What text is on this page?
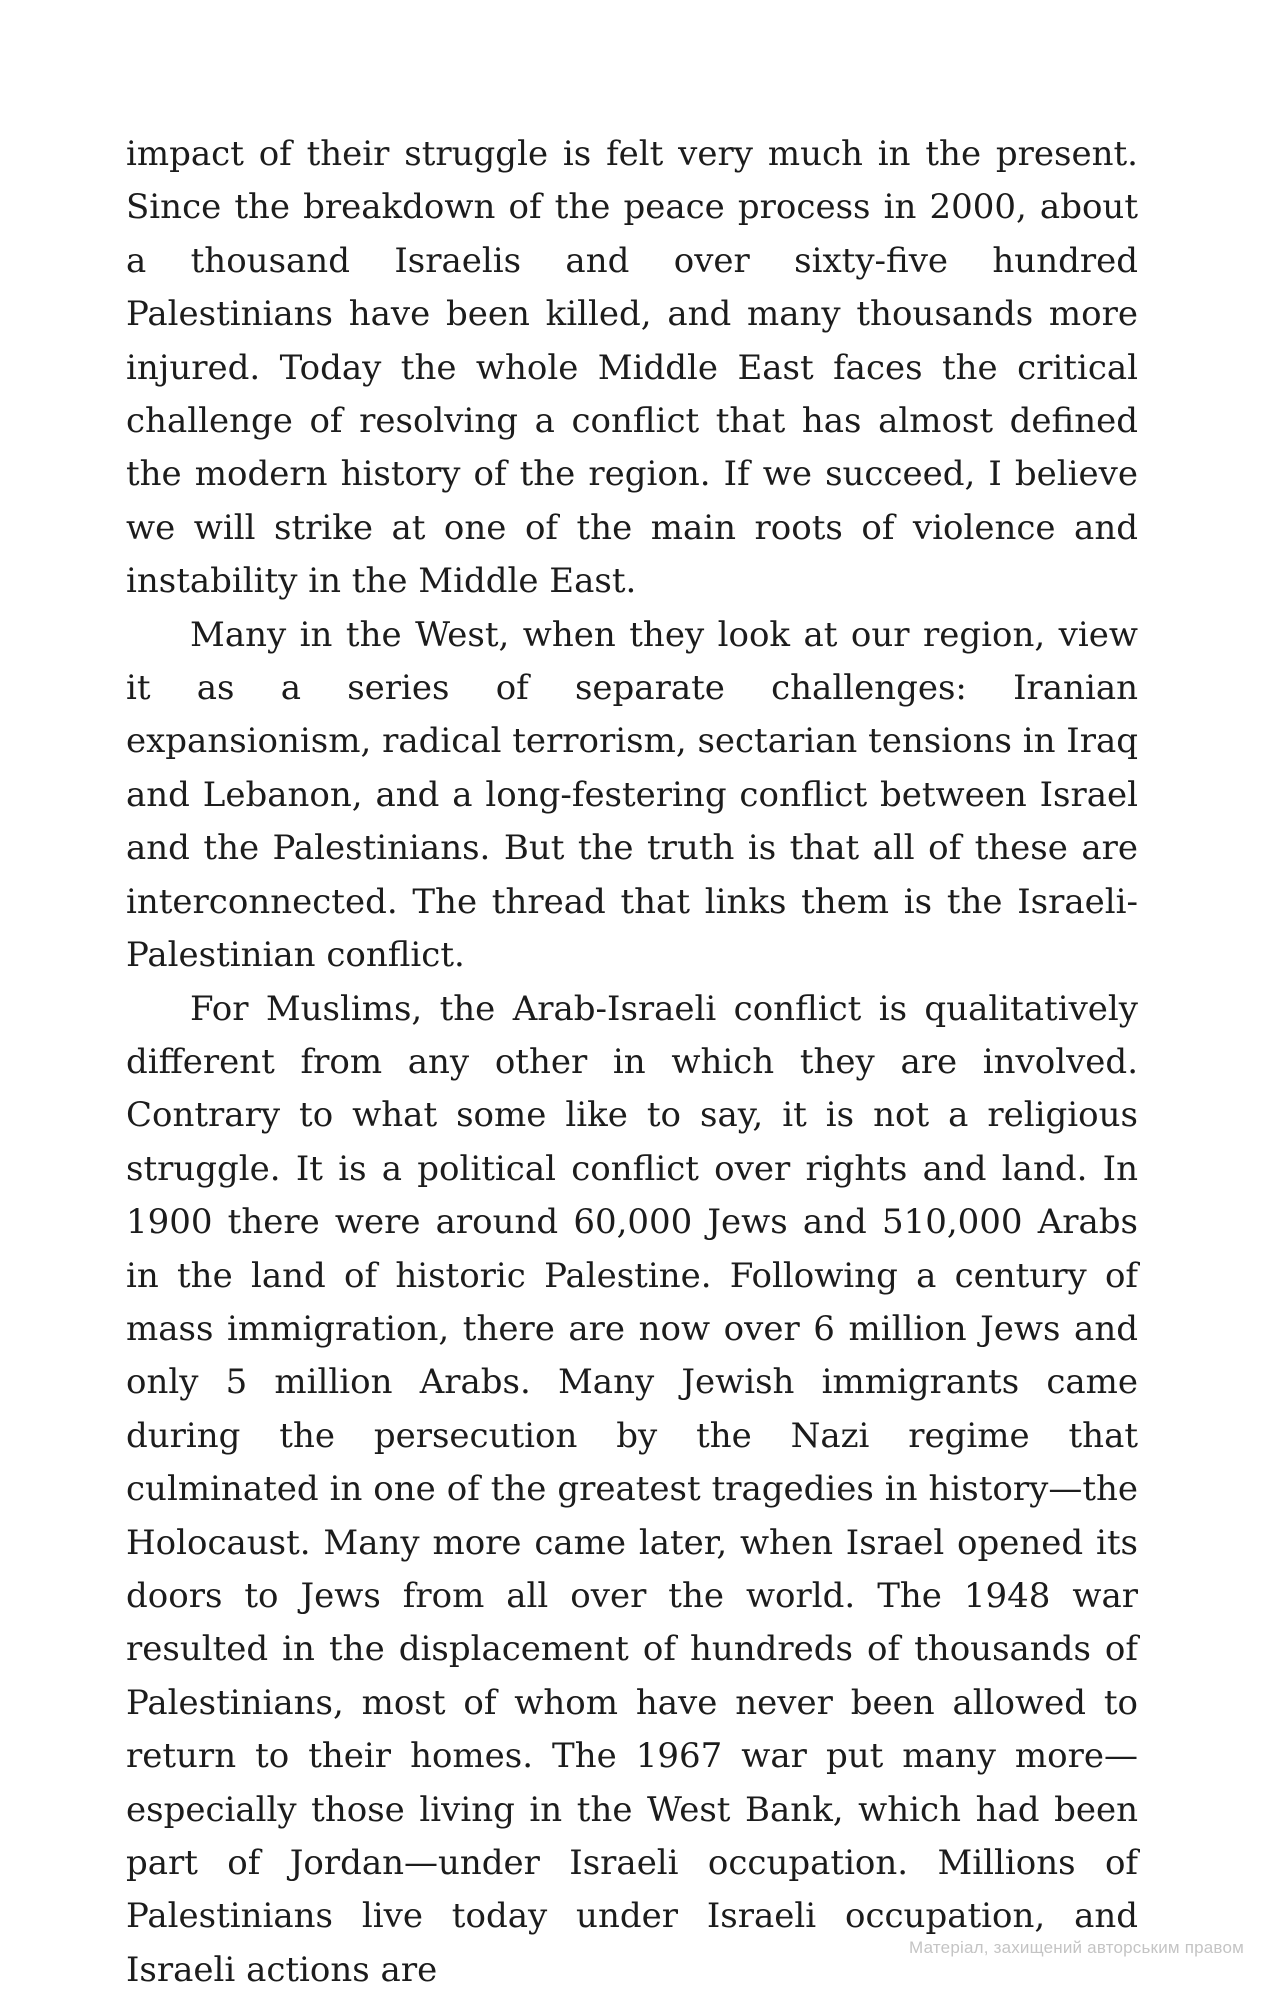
impact of their struggle is felt very much in the present. Since the breakdown of the peace process in 2000, about a thousand Israelis and over sixty-five hundred Palestinians have been killed, and many thousands more injured. Today the whole Middle East faces the critical challenge of resolving a conflict that has almost defined the modern history of the region. If we succeed, I believe we will strike at one of the main roots of violence and instability in the Middle East.

Many in the West, when they look at our region, view it as a series of separate challenges: Iranian expansionism, radical terrorism, sectarian tensions in Iraq and Lebanon, and a long-festering conflict between Israel and the Palestinians. But the truth is that all of these are interconnected. The thread that links them is the Israeli-Palestinian conflict.

For Muslims, the Arab-Israeli conflict is qualitatively different from any other in which they are involved. Contrary to what some like to say, it is not a religious struggle. It is a political conflict over rights and land. In 1900 there were around 60,000 Jews and 510,000 Arabs in the land of historic Palestine. Following a century of mass immigration, there are now over 6 million Jews and only 5 million Arabs. Many Jewish immigrants came during the persecution by the Nazi regime that culminated in one of the greatest tragedies in history—the Holocaust. Many more came later, when Israel opened its doors to Jews from all over the world. The 1948 war resulted in the displacement of hundreds of thousands of Palestinians, most of whom have never been allowed to return to their homes. The 1967 war put many more—especially those living in the West Bank, which had been part of Jordan—under Israeli occupation. Millions of Palestinians live today under Israeli occupation, and Israeli actions are

Матеріал, захищений авторським правом
